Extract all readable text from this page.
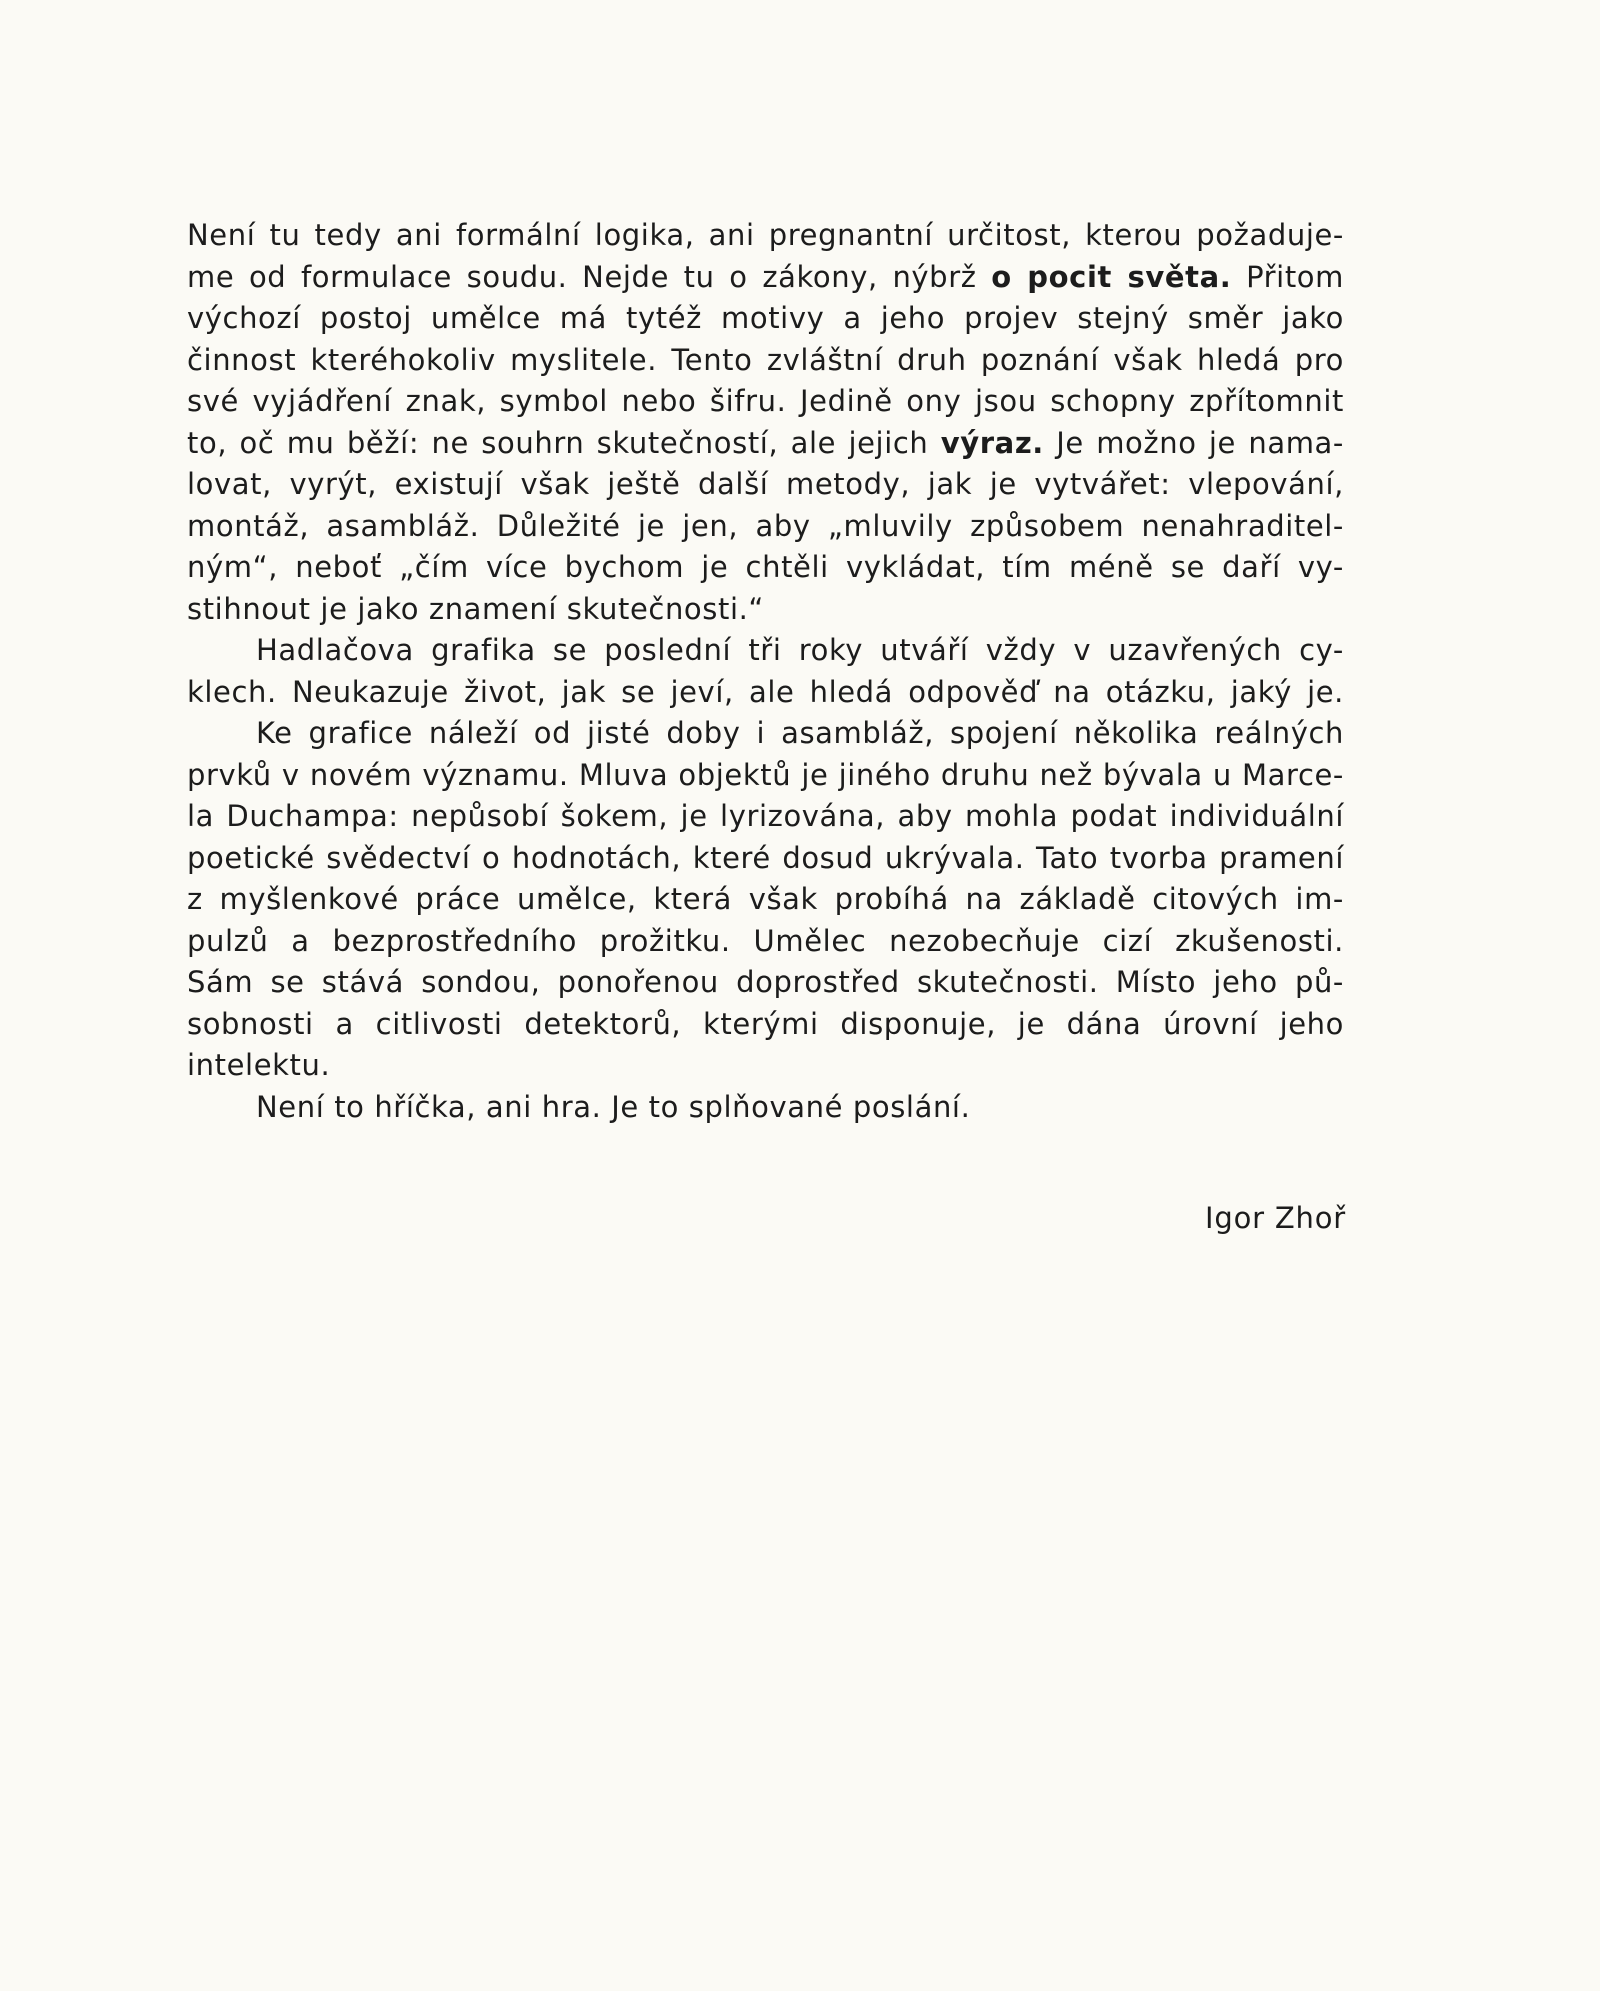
Není tu tedy ani formální logika, ani pregnantní určitost, kterou požaduje-
me od formulace soudu. Nejde tu o zákony, nýbrž o pocit světa. Přitom
výchozí postoj umělce má tytéž motivy a jeho projev stejný směr jako
činnost kteréhokoliv myslitele. Tento zvláštní druh poznání však hledá pro
své vyjádření znak, symbol nebo šifru. Jedině ony jsou schopny zpřítomnit
to, oč mu běží: ne souhrn skutečností, ale jejich výraz. Je možno je nama-
lovat, vyrýt, existují však ještě další metody, jak je vytvářet: vlepování,
montáž, asambláž. Důležité je jen, aby „mluvily způsobem nenahraditel-
ným“, neboť „čím více bychom je chtěli vykládat, tím méně se daří vy-
stihnout je jako znamení skutečnosti.“
Hadlačova grafika se poslední tři roky utváří vždy v uzavřených cy-
klech. Neukazuje život, jak se jeví, ale hledá odpověď na otázku, jaký je.
Ke grafice náleží od jisté doby i asambláž, spojení několika reálných
prvků v novém významu. Mluva objektů je jiného druhu než bývala u Marce-
la Duchampa: nepůsobí šokem, je lyrizována, aby mohla podat individuální
poetické svědectví o hodnotách, které dosud ukrývala. Tato tvorba pramení
z myšlenkové práce umělce, která však probíhá na základě citových im-
pulzů a bezprostředního prožitku. Umělec nezobecňuje cizí zkušenosti.
Sám se stává sondou, ponořenou doprostřed skutečnosti. Místo jeho pů-
sobnosti a citlivosti detektorů, kterými disponuje, je dána úrovní jeho
intelektu.
Není to hříčka, ani hra. Je to splňované poslání.
Igor Zhoř
